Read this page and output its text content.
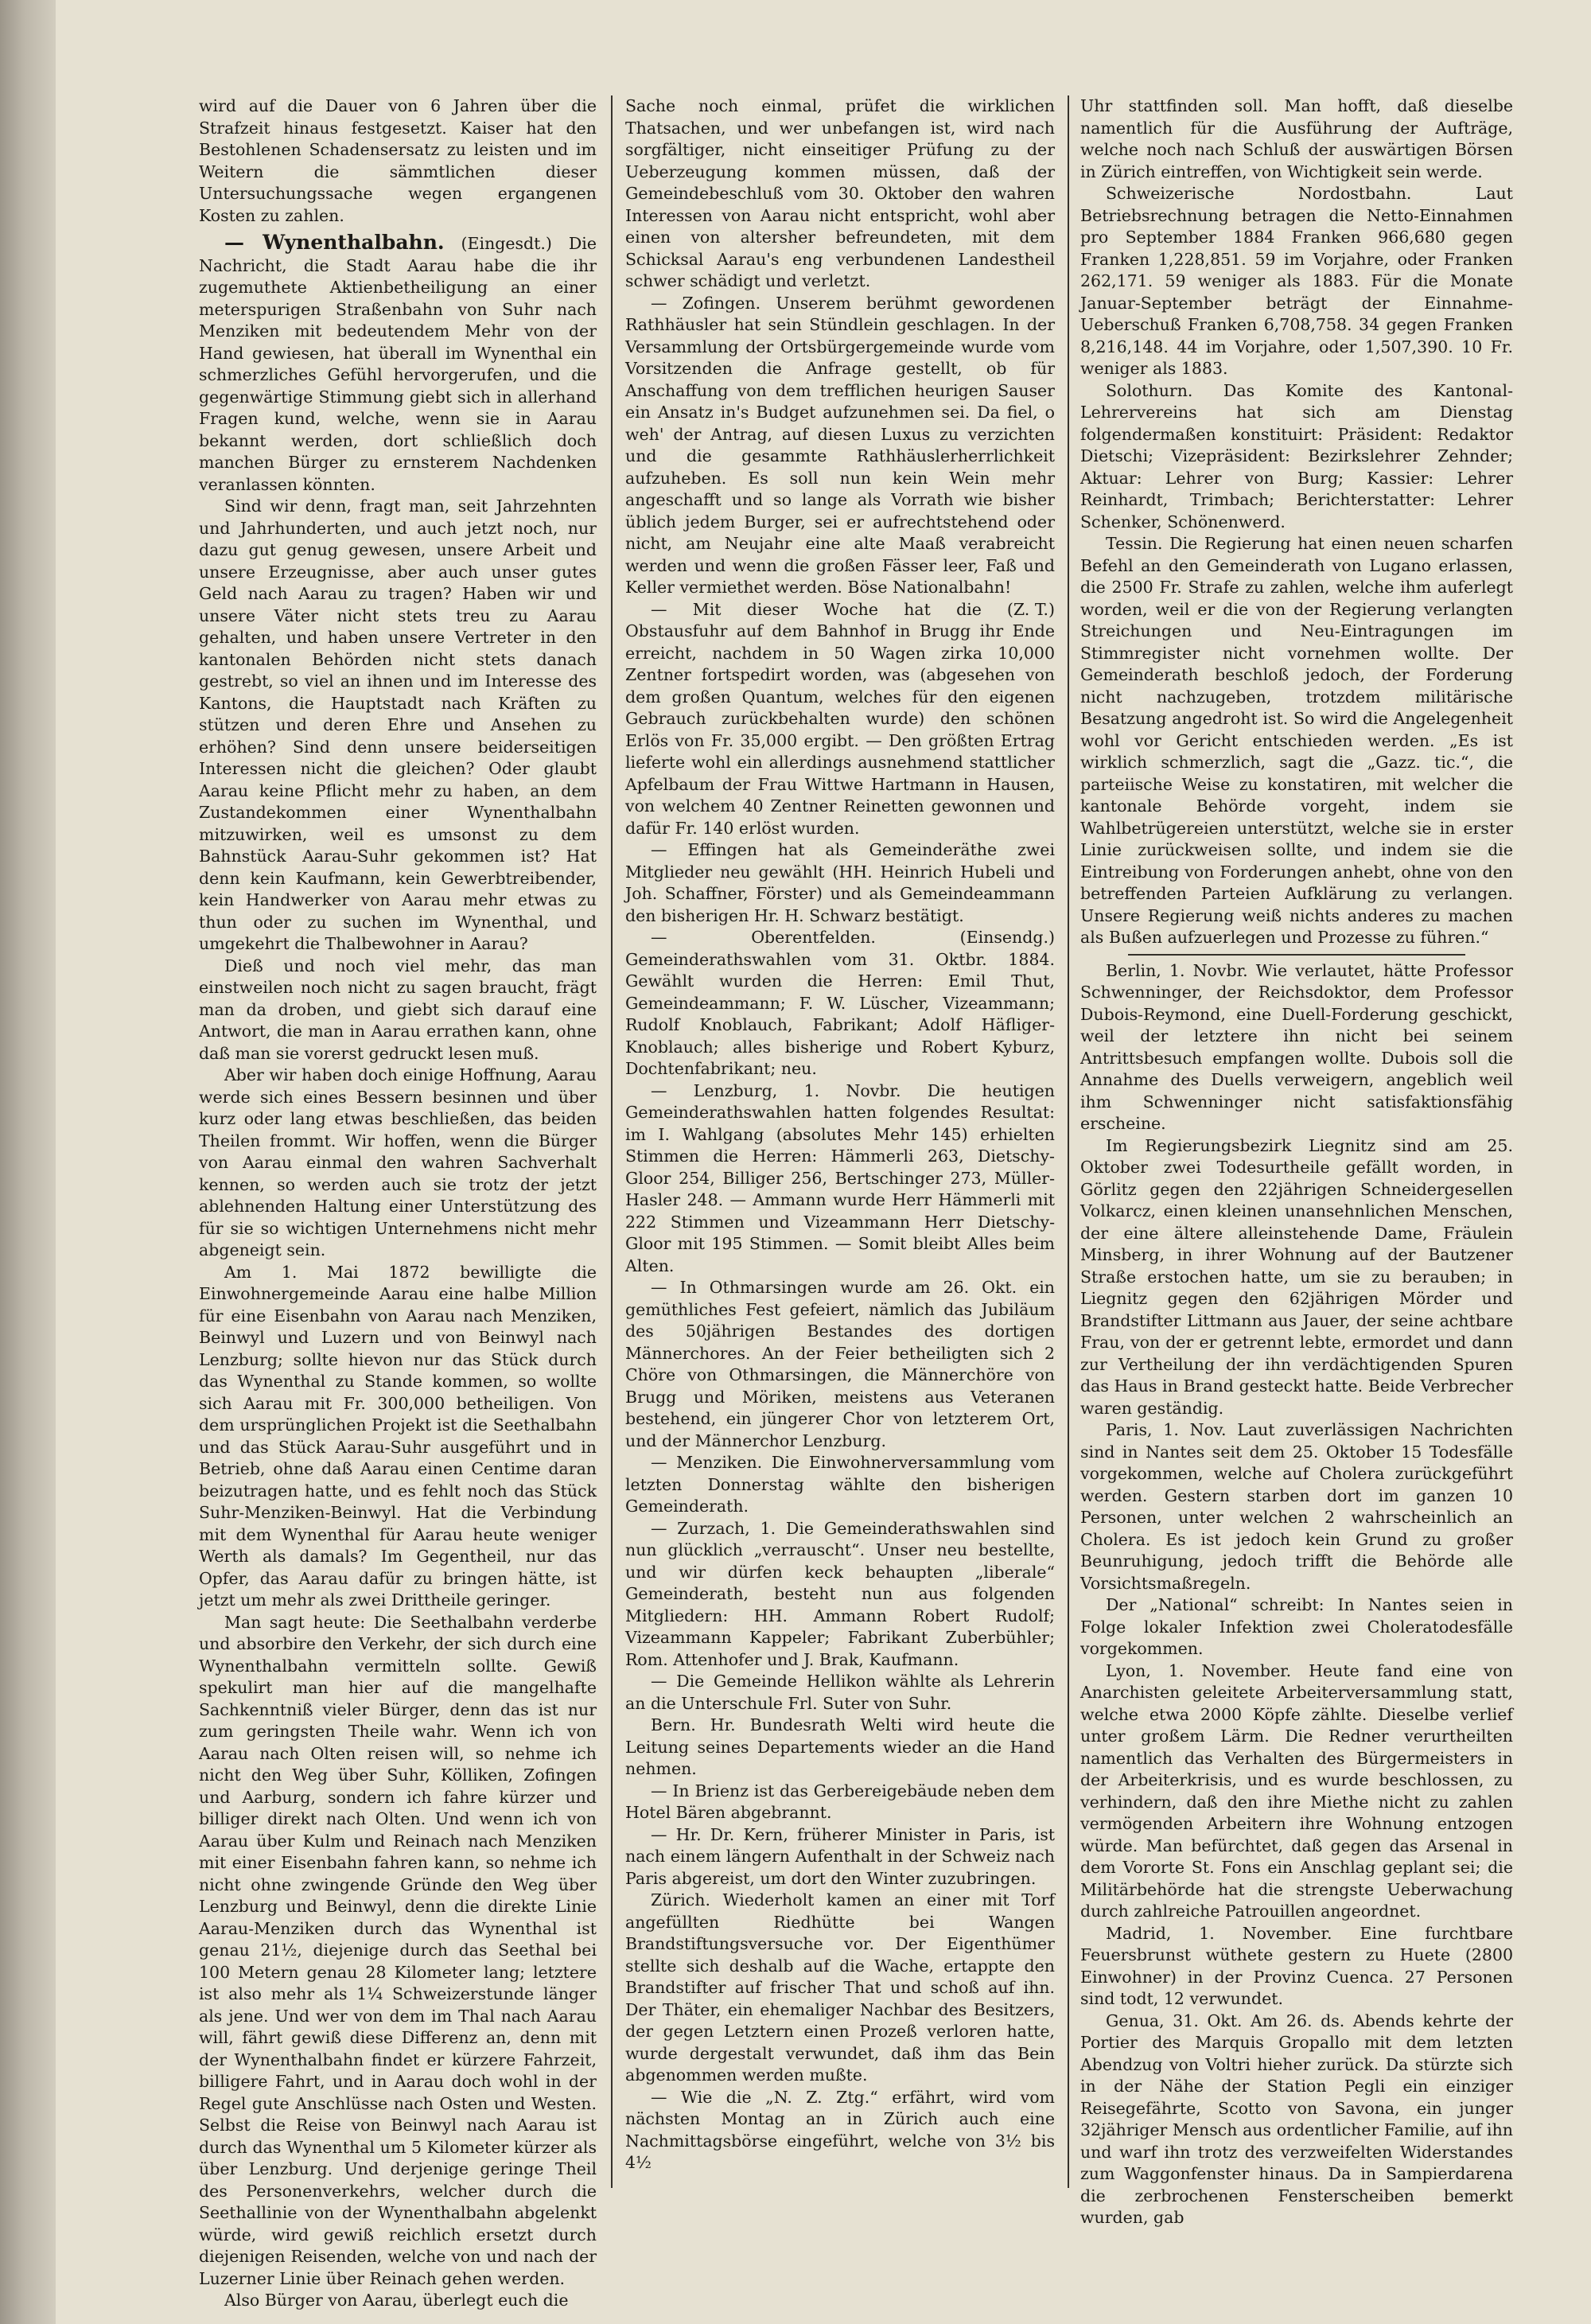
wird auf die Dauer von 6 Jahren über die Strafzeit hinaus festgesetzt. Kaiser hat den Bestohlenen Schadensersatz zu leisten und im Weitern die sämmtlichen dieser Untersuchungssache wegen ergangenen Kosten zu zahlen.

— Wynenthalbahn. (Eingesdt.) Die Nachricht, die Stadt Aarau habe die ihr zugemuthete Aktienbetheiligung an einer meterspurigen Straßenbahn von Suhr nach Menziken mit bedeutendem Mehr von der Hand gewiesen, hat überall im Wynenthal ein schmerzliches Gefühl hervorgerufen, und die gegenwärtige Stimmung giebt sich in allerhand Fragen kund, welche, wenn sie in Aarau bekannt werden, dort schließlich doch manchen Bürger zu ernsterem Nachdenken veranlassen könnten.

Sind wir denn, fragt man, seit Jahrzehnten und Jahrhunderten, und auch jetzt noch, nur dazu gut genug gewesen, unsere Arbeit und unsere Erzeugnisse, aber auch unser gutes Geld nach Aarau zu tragen? Haben wir und unsere Väter nicht stets treu zu Aarau gehalten, und haben unsere Vertreter in den kantonalen Behörden nicht stets danach gestrebt, so viel an ihnen und im Interesse des Kantons, die Hauptstadt nach Kräften zu stützen und deren Ehre und Ansehen zu erhöhen? Sind denn unsere beiderseitigen Interessen nicht die gleichen? Oder glaubt Aarau keine Pflicht mehr zu haben, an dem Zustandekommen einer Wynenthalbahn mitzuwirken, weil es umsonst zu dem Bahnstück Aarau-Suhr gekommen ist? Hat denn kein Kaufmann, kein Gewerbtreibender, kein Handwerker von Aarau mehr etwas zu thun oder zu suchen im Wynenthal, und umgekehrt die Thalbewohner in Aarau?

Dieß und noch viel mehr, das man einstweilen noch nicht zu sagen braucht, frägt man da droben, und giebt sich darauf eine Antwort, die man in Aarau errathen kann, ohne daß man sie vorerst gedruckt lesen muß.

Aber wir haben doch einige Hoffnung, Aarau werde sich eines Bessern besinnen und über kurz oder lang etwas beschließen, das beiden Theilen frommt. Wir hoffen, wenn die Bürger von Aarau einmal den wahren Sachverhalt kennen, so werden auch sie trotz der jetzt ablehnenden Haltung einer Unterstützung des für sie so wichtigen Unternehmens nicht mehr abgeneigt sein.

Am 1. Mai 1872 bewilligte die Einwohnergemeinde Aarau eine halbe Million für eine Eisenbahn von Aarau nach Menziken, Beinwyl und Luzern und von Beinwyl nach Lenzburg; sollte hievon nur das Stück durch das Wynenthal zu Stande kommen, so wollte sich Aarau mit Fr. 300,000 betheiligen. Von dem ursprünglichen Projekt ist die Seethalbahn und das Stück Aarau-Suhr ausgeführt und in Betrieb, ohne daß Aarau einen Centime daran beizutragen hatte, und es fehlt noch das Stück Suhr-Menziken-Beinwyl. Hat die Verbindung mit dem Wynenthal für Aarau heute weniger Werth als damals? Im Gegentheil, nur das Opfer, das Aarau dafür zu bringen hätte, ist jetzt um mehr als zwei Drittheile geringer.

Man sagt heute: Die Seethalbahn verderbe und absorbire den Verkehr, der sich durch eine Wynenthalbahn vermitteln sollte. Gewiß spekulirt man hier auf die mangelhafte Sachkenntniß vieler Bürger, denn das ist nur zum geringsten Theile wahr. Wenn ich von Aarau nach Olten reisen will, so nehme ich nicht den Weg über Suhr, Kölliken, Zofingen und Aarburg, sondern ich fahre kürzer und billiger direkt nach Olten. Und wenn ich von Aarau über Kulm und Reinach nach Menziken mit einer Eisenbahn fahren kann, so nehme ich nicht ohne zwingende Gründe den Weg über Lenzburg und Beinwyl, denn die direkte Linie Aarau-Menziken durch das Wynenthal ist genau 21½, diejenige durch das Seethal bei 100 Metern genau 28 Kilometer lang; letztere ist also mehr als 1¼ Schweizerstunde länger als jene. Und wer von dem im Thal nach Aarau will, fährt gewiß diese Differenz an, denn mit der Wynenthalbahn findet er kürzere Fahrzeit, billigere Fahrt, und in Aarau doch wohl in der Regel gute Anschlüsse nach Osten und Westen. Selbst die Reise von Beinwyl nach Aarau ist durch das Wynenthal um 5 Kilometer kürzer als über Lenzburg. Und derjenige geringe Theil des Personenverkehrs, welcher durch die Seethallinie von der Wynenthalbahn abgelenkt würde, wird gewiß reichlich ersetzt durch diejenigen Reisenden, welche von und nach der Luzerner Linie über Reinach gehen werden.

Also Bürger von Aarau, überlegt euch die

Sache noch einmal, prüfet die wirklichen Thatsachen, und wer unbefangen ist, wird nach sorgfältiger, nicht einseitiger Prüfung zu der Ueberzeugung kommen müssen, daß der Gemeindebeschluß vom 30. Oktober den wahren Interessen von Aarau nicht entspricht, wohl aber einen von altersher befreundeten, mit dem Schicksal Aarau's eng verbundenen Landestheil schwer schädigt und verletzt.

— Zofingen. Unserem berühmt gewordenen Rathhäusler hat sein Stündlein geschlagen. In der Versammlung der Ortsbürgergemeinde wurde vom Vorsitzenden die Anfrage gestellt, ob für Anschaffung von dem trefflichen heurigen Sauser ein Ansatz in's Budget aufzunehmen sei. Da fiel, o weh' der Antrag, auf diesen Luxus zu verzichten und die gesammte Rathhäuslerherrlichkeit aufzuheben. Es soll nun kein Wein mehr angeschafft und so lange als Vorrath wie bisher üblich jedem Burger, sei er aufrechtstehend oder nicht, am Neujahr eine alte Maaß verabreicht werden und wenn die großen Fässer leer, Faß und Keller vermiethet werden. Böse Nationalbahn!
(Z. T.)

— Mit dieser Woche hat die Obstausfuhr auf dem Bahnhof in Brugg ihr Ende erreicht, nachdem in 50 Wagen zirka 10,000 Zentner fortspedirt worden, was (abgesehen von dem großen Quantum, welches für den eigenen Gebrauch zurückbehalten wurde) den schönen Erlös von Fr. 35,000 ergibt. — Den größten Ertrag lieferte wohl ein allerdings ausnehmend stattlicher Apfelbaum der Frau Wittwe Hartmann in Hausen, von welchem 40 Zentner Reinetten gewonnen und dafür Fr. 140 erlöst wurden.

— Effingen hat als Gemeinderäthe zwei Mitglieder neu gewählt (HH. Heinrich Hubeli und Joh. Schaffner, Förster) und als Gemeindeammann den bisherigen Hr. H. Schwarz bestätigt.

— Oberentfelden. (Einsendg.) Gemeinderathswahlen vom 31. Oktbr. 1884. Gewählt wurden die Herren: Emil Thut, Gemeindeammann; F. W. Lüscher, Vizeammann; Rudolf Knoblauch, Fabrikant; Adolf Häfliger-Knoblauch; alles bisherige und Robert Kyburz, Dochtenfabrikant; neu.

— Lenzburg, 1. Novbr. Die heutigen Gemeinderathswahlen hatten folgendes Resultat: im I. Wahlgang (absolutes Mehr 145) erhielten Stimmen die Herren: Hämmerli 263, Dietschy-Gloor 254, Billiger 256, Bertschinger 273, Müller-Hasler 248. — Ammann wurde Herr Hämmerli mit 222 Stimmen und Vizeammann Herr Dietschy-Gloor mit 195 Stimmen. — Somit bleibt Alles beim Alten.

— In Othmarsingen wurde am 26. Okt. ein gemüthliches Fest gefeiert, nämlich das Jubiläum des 50jährigen Bestandes des dortigen Männerchores. An der Feier betheiligten sich 2 Chöre von Othmarsingen, die Männerchöre von Brugg und Möriken, meistens aus Veteranen bestehend, ein jüngerer Chor von letzterem Ort, und der Männerchor Lenzburg.

— Menziken. Die Einwohnerversammlung vom letzten Donnerstag wählte den bisherigen Gemeinderath.

— Zurzach, 1. Die Gemeinderathswahlen sind nun glücklich „verrauscht“. Unser neu bestellte, und wir dürfen keck behaupten „liberale“ Gemeinderath, besteht nun aus folgenden Mitgliedern: HH. Ammann Robert Rudolf; Vizeammann Kappeler; Fabrikant Zuberbühler; Rom. Attenhofer und J. Brak, Kaufmann.

— Die Gemeinde Hellikon wählte als Lehrerin an die Unterschule Frl. Suter von Suhr.

Bern. Hr. Bundesrath Welti wird heute die Leitung seines Departements wieder an die Hand nehmen.

— In Brienz ist das Gerbereigebäude neben dem Hotel Bären abgebrannt.

— Hr. Dr. Kern, früherer Minister in Paris, ist nach einem längern Aufenthalt in der Schweiz nach Paris abgereist, um dort den Winter zuzubringen.

Zürich. Wiederholt kamen an einer mit Torf angefüllten Riedhütte bei Wangen Brandstiftungsversuche vor. Der Eigenthümer stellte sich deshalb auf die Wache, ertappte den Brandstifter auf frischer That und schoß auf ihn. Der Thäter, ein ehemaliger Nachbar des Besitzers, der gegen Letztern einen Prozeß verloren hatte, wurde dergestalt verwundet, daß ihm das Bein abgenommen werden mußte.

— Wie die „N. Z. Ztg.“ erfährt, wird vom nächsten Montag an in Zürich auch eine Nachmittagsbörse eingeführt, welche von 3½ bis 4½

Uhr stattfinden soll. Man hofft, daß dieselbe namentlich für die Ausführung der Aufträge, welche noch nach Schluß der auswärtigen Börsen in Zürich eintreffen, von Wichtigkeit sein werde.

Schweizerische Nordostbahn. Laut Betriebsrechnung betragen die Netto-Einnahmen pro September 1884 Franken 966,680 gegen Franken 1,228,851. 59 im Vorjahre, oder Franken 262,171. 59 weniger als 1883. Für die Monate Januar-September beträgt der Einnahme-Ueberschuß Franken 6,708,758. 34 gegen Franken 8,216,148. 44 im Vorjahre, oder 1,507,390. 10 Fr. weniger als 1883.

Solothurn. Das Komite des Kantonal-Lehrervereins hat sich am Dienstag folgendermaßen konstituirt: Präsident: Redaktor Dietschi; Vizepräsident: Bezirkslehrer Zehnder; Aktuar: Lehrer von Burg; Kassier: Lehrer Reinhardt, Trimbach; Berichterstatter: Lehrer Schenker, Schönenwerd.

Tessin. Die Regierung hat einen neuen scharfen Befehl an den Gemeinderath von Lugano erlassen, die 2500 Fr. Strafe zu zahlen, welche ihm auferlegt worden, weil er die von der Regierung verlangten Streichungen und Neu-Eintragungen im Stimmregister nicht vornehmen wollte. Der Gemeinderath beschloß jedoch, der Forderung nicht nachzugeben, trotzdem militärische Besatzung angedroht ist. So wird die Angelegenheit wohl vor Gericht entschieden werden. „Es ist wirklich schmerzlich, sagt die „Gazz. tic.“, die parteiische Weise zu konstatiren, mit welcher die kantonale Behörde vorgeht, indem sie Wahlbetrügereien unterstützt, welche sie in erster Linie zurückweisen sollte, und indem sie die Eintreibung von Forderungen anhebt, ohne von den betreffenden Parteien Aufklärung zu verlangen. Unsere Regierung weiß nichts anderes zu machen als Bußen aufzuerlegen und Prozesse zu führen.“

Berlin, 1. Novbr. Wie verlautet, hätte Professor Schwenninger, der Reichsdoktor, dem Professor Dubois-Reymond, eine Duell-Forderung geschickt, weil der letztere ihn nicht bei seinem Antrittsbesuch empfangen wollte. Dubois soll die Annahme des Duells verweigern, angeblich weil ihm Schwenninger nicht satisfaktionsfähig erscheine.

Im Regierungsbezirk Liegnitz sind am 25. Oktober zwei Todesurtheile gefällt worden, in Görlitz gegen den 22jährigen Schneidergesellen Volkarcz, einen kleinen unansehnlichen Menschen, der eine ältere alleinstehende Dame, Fräulein Minsberg, in ihrer Wohnung auf der Bautzener Straße erstochen hatte, um sie zu berauben; in Liegnitz gegen den 62jährigen Mörder und Brandstifter Littmann aus Jauer, der seine achtbare Frau, von der er getrennt lebte, ermordet und dann zur Vertheilung der ihn verdächtigenden Spuren das Haus in Brand gesteckt hatte. Beide Verbrecher waren geständig.

Paris, 1. Nov. Laut zuverlässigen Nachrichten sind in Nantes seit dem 25. Oktober 15 Todesfälle vorgekommen, welche auf Cholera zurückgeführt werden. Gestern starben dort im ganzen 10 Personen, unter welchen 2 wahrscheinlich an Cholera. Es ist jedoch kein Grund zu großer Beunruhigung, jedoch trifft die Behörde alle Vorsichtsmaßregeln.

Der „National“ schreibt: In Nantes seien in Folge lokaler Infektion zwei Choleratodesfälle vorgekommen.

Lyon, 1. November. Heute fand eine von Anarchisten geleitete Arbeiterversammlung statt, welche etwa 2000 Köpfe zählte. Dieselbe verlief unter großem Lärm. Die Redner verurtheilten namentlich das Verhalten des Bürgermeisters in der Arbeiterkrisis, und es wurde beschlossen, zu verhindern, daß den ihre Miethe nicht zu zahlen vermögenden Arbeitern ihre Wohnung entzogen würde. Man befürchtet, daß gegen das Arsenal in dem Vororte St. Fons ein Anschlag geplant sei; die Militärbehörde hat die strengste Ueberwachung durch zahlreiche Patrouillen angeordnet.

Madrid, 1. November. Eine furchtbare Feuersbrunst wüthete gestern zu Huete (2800 Einwohner) in der Provinz Cuenca. 27 Personen sind todt, 12 verwundet.

Genua, 31. Okt. Am 26. ds. Abends kehrte der Portier des Marquis Gropallo mit dem letzten Abendzug von Voltri hieher zurück. Da stürzte sich in der Nähe der Station Pegli ein einziger Reisegefährte, Scotto von Savona, ein junger 32jähriger Mensch aus ordentlicher Familie, auf ihn und warf ihn trotz des verzweifelten Widerstandes zum Waggonfenster hinaus. Da in Sampierdarena die zerbrochenen Fensterscheiben bemerkt wurden, gab
